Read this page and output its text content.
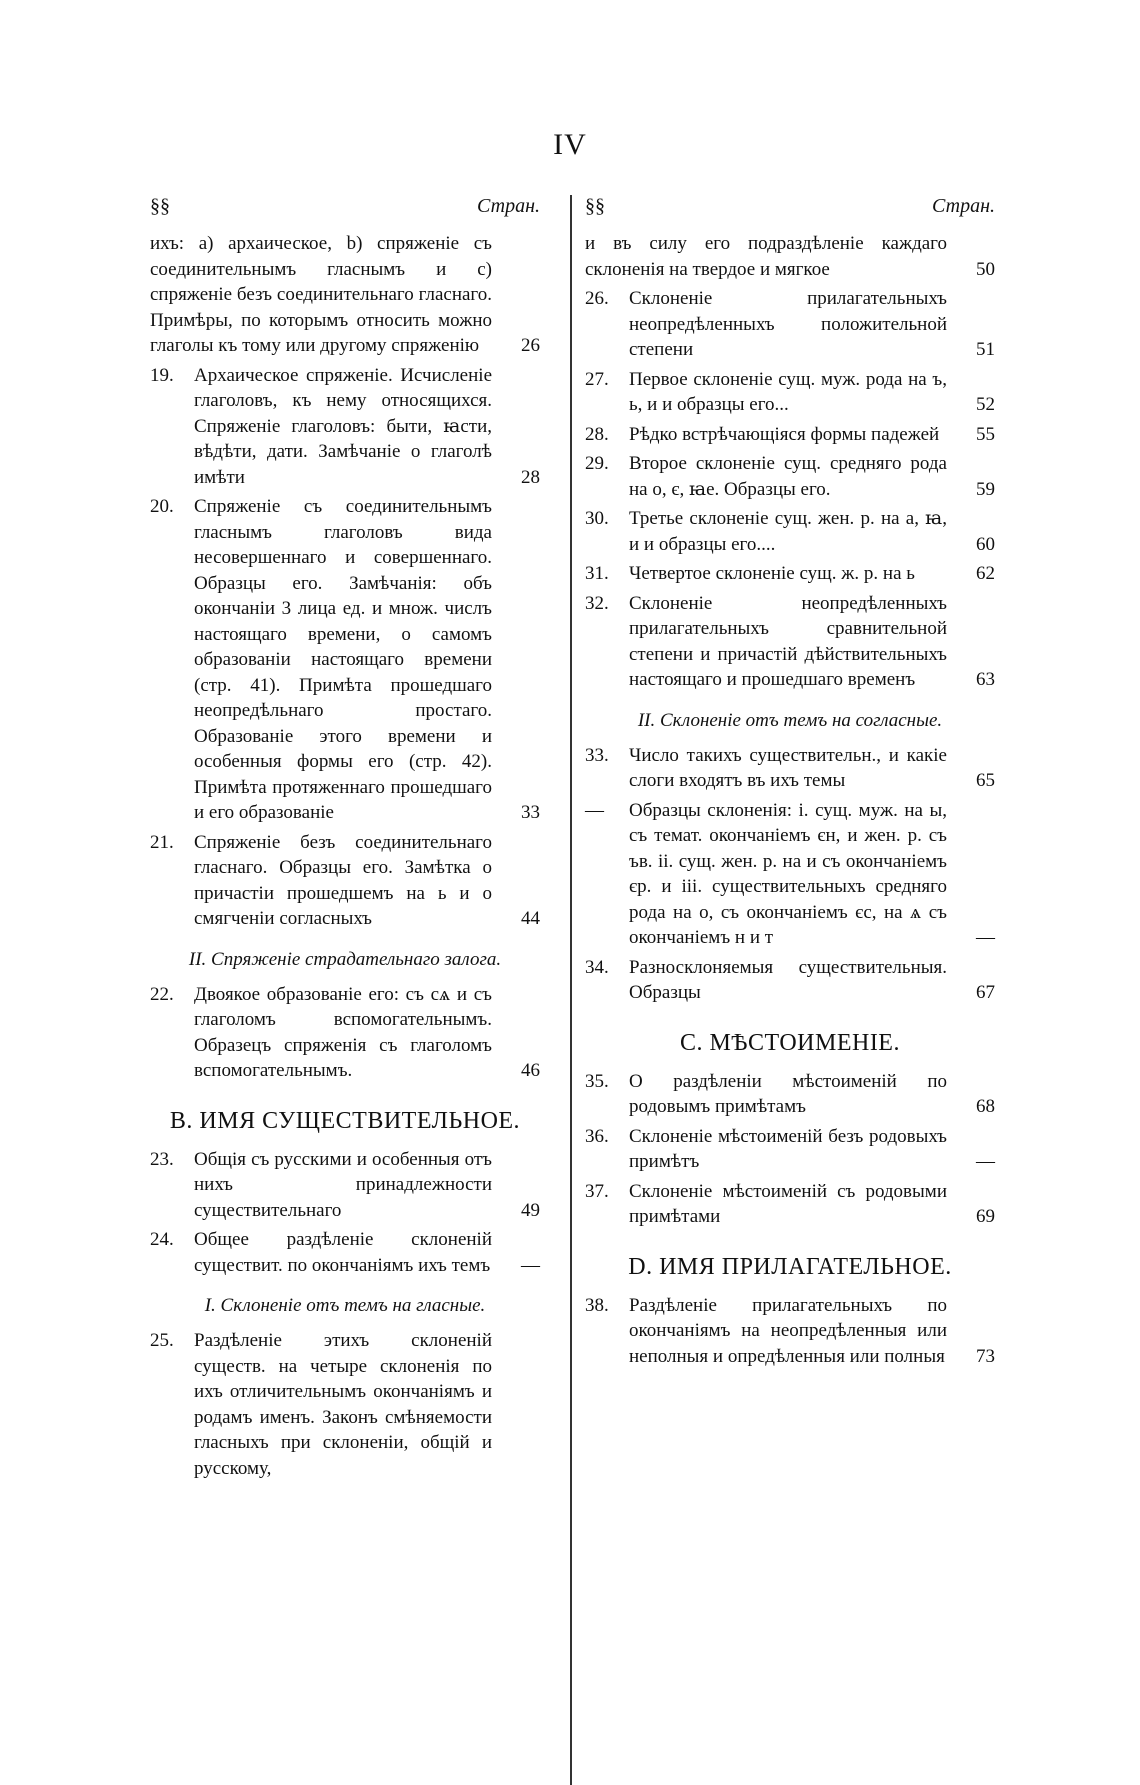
IV
§§	Стран.
ихъ: а) архаическое, b) спряженіе съ соединительнымъ гласнымъ и c) спряженіе безъ соединительнаго гласнаго. Примѣры, по которымъ относить можно глаголы къ тому или другому спряженію	26
19.	Архаическое спряженіе. Исчисленіе глаголовъ, къ нему относящихся. Спряженіе глаголовъ: быти, ꙗсти, вѣдѣти, дати. Замѣчаніе о глаголѣ имѣти	28
20.	Спряженіе съ соединительнымъ гласнымъ глаголовъ вида несовершеннаго и совершеннаго. Образцы его. Замѣчанія: объ окончаніи 3 лица ед. и множ. числъ настоящаго времени, о самомъ образованіи настоящаго времени (стр. 41). Примѣта прошедшаго неопредѣльнаго простаго. Образованіе этого времени и особенныя формы его (стр. 42). Примѣта протяженнаго прошедшаго и его образованіе	33
21.	Спряженіе безъ соединительнаго гласнаго. Образцы его. Замѣтка о причастіи прошедшемъ на ь и о смягченіи согласныхъ	44
II. Спряженіе страдательнаго залога.
22.	Двоякое образованіе его: съ сѧ и съ глаголомъ вспомогательнымъ. Образецъ спряженія съ глаголомъ вспомогательнымъ.	46
B. ИМЯ СУЩЕСТВИТЕЛЬНОЕ.
23.	Общія съ русскими и особенныя отъ нихъ принадлежности существительнаго	49
24.	Общее раздѣленіе склоненій существит. по окончаніямъ ихъ темъ	—
I. Склоненіе отъ темъ на гласные.
25.	Раздѣленіе этихъ склоненій существ. на четыре склоненія по ихъ отличительнымъ окончаніямъ и родамъ именъ. Законъ смѣняемости гласныхъ при склоненіи, общій и русскому,
§§	Стран.
и въ силу его подраздѣленіе каждаго склоненія на твердое и мягкое	50
26.	Склоненіе прилагательныхъ неопредѣленныхъ положительной степени	51
27.	Первое склоненіе сущ. муж. рода на ъ, ь, и и образцы его...	52
28.	Рѣдко встрѣчающіяся формы падежей	55
29.	Второе склоненіе сущ. средняго рода на о, є, ꙗе. Образцы его.	59
30.	Третье склоненіе сущ. жен. р. на а, ꙗ, и и образцы его....	60
31.	Четвертое склоненіе сущ. ж. р. на ь	62
32.	Склоненіе неопредѣленныхъ прилагательныхъ сравнительной степени и причастій дѣйствительныхъ настоящаго и прошедшаго временъ	63
II. Склоненіе отъ темъ на согласные.
33.	Число такихъ существительн., и какіе слоги входятъ въ ихъ темы	65
—	Образцы склоненія: i. сущ. муж. на ы, съ темат. окончаніемъ єн, и жен. р. съ ъв. ii. сущ. жен. р. на и съ окончаніемъ єр. и iii. существительныхъ средняго рода на о, съ окончаніемъ єс, на ѧ съ окончаніемъ н и т	—
34.	Разносклоняемыя существительныя. Образцы	67
C. МѢСТОИМЕНІЕ.
35.	О раздѣленіи мѣстоименій по родовымъ примѣтамъ	68
36.	Склоненіе мѣстоименій безъ родовыхъ примѣтъ	—
37.	Склоненіе мѣстоименій съ родовыми примѣтами	69
D. ИМЯ ПРИЛАГАТЕЛЬНОЕ.
38.	Раздѣленіе прилагательныхъ по окончаніямъ на неопредѣленныя или неполныя и опредѣленныя или полныя	73
